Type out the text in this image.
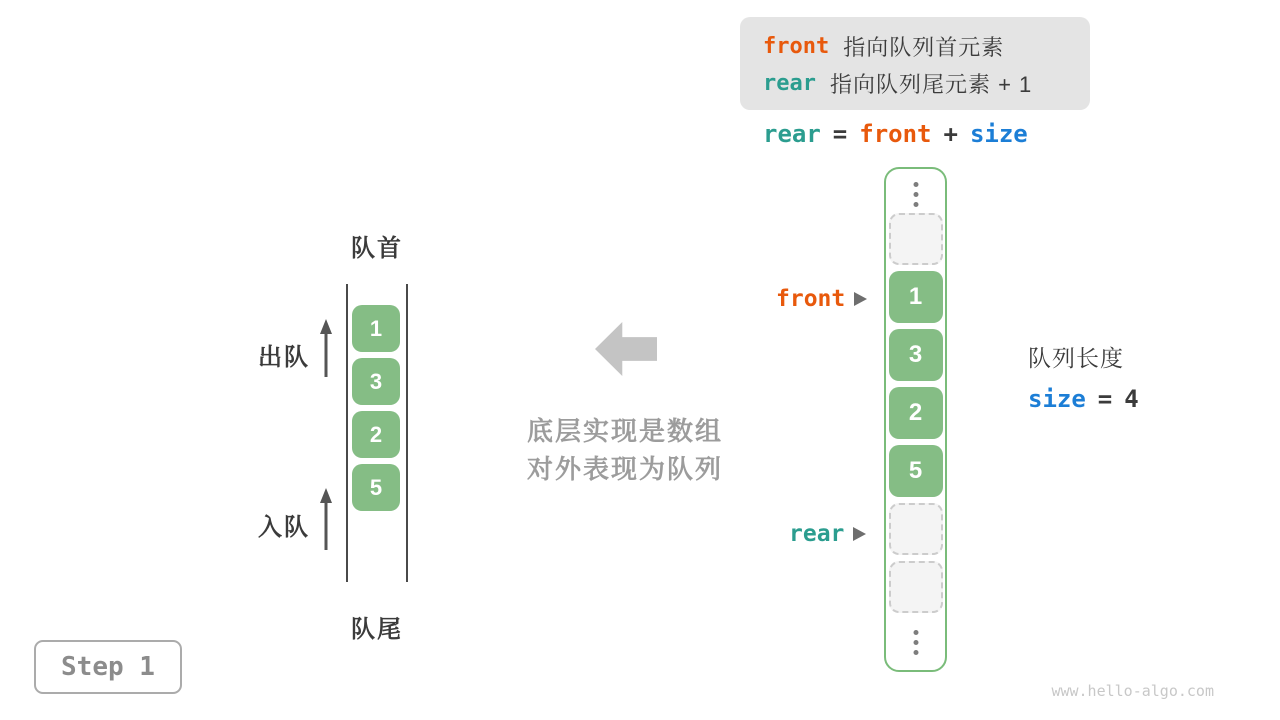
front 指向队列首元素
rear 指向队列尾元素 + 1
rear = front + size
1
3
2
5
front
rear
队列长度
size = 4
队首
1
3
2
5
队尾
出队
入队
底层实现是数组
对外表现为队列
Step 1
www.hello-algo.com
